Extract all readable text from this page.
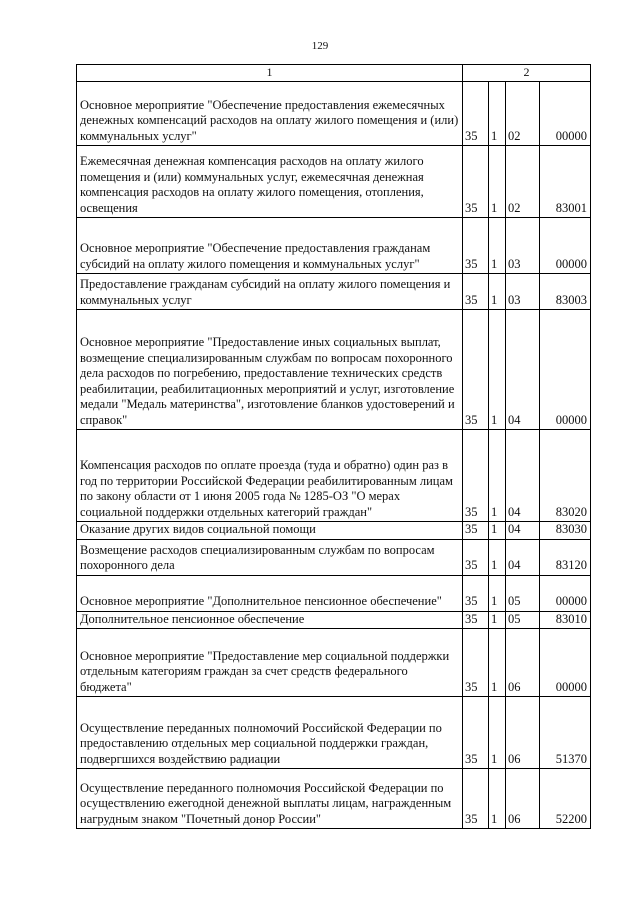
129
1	2			
Основное мероприятие "Обеспечение предоставления ежемесячных денежных компенсаций расходов на оплату жилого помещения и (или) коммунальных услуг"	35	1	02	00000
Ежемесячная денежная компенсация расходов на оплату жилого помещения и (или) коммунальных услуг, ежемесячная денежная компенсация расходов на оплату жилого помещения, отопления, освещения	35	1	02	83001
Основное мероприятие "Обеспечение предоставления гражданам субсидий на оплату жилого помещения и коммунальных услуг"	35	1	03	00000
Предоставление гражданам субсидий на оплату жилого помещения и коммунальных услуг	35	1	03	83003
Основное мероприятие "Предоставление иных социальных выплат, возмещение специализированным службам по вопросам похоронного дела расходов по погребению, предоставление технических средств реабилитации, реабилитационных мероприятий и услуг, изготовление медали "Медаль материнства", изготовление бланков удостоверений и справок"	35	1	04	00000
Компенсация расходов по оплате проезда (туда и обратно) один раз в год по территории Российской Федерации реабилитированным лицам по закону области от 1 июня 2005 года № 1285-ОЗ "О мерах социальной поддержки отдельных категорий граждан"	35	1	04	83020
Оказание других видов социальной помощи	35	1	04	83030
Возмещение расходов специализированным службам по вопросам похоронного дела	35	1	04	83120
Основное мероприятие "Дополнительное пенсионное обеспечение"	35	1	05	00000
Дополнительное пенсионное обеспечение	35	1	05	83010
Основное мероприятие "Предоставление мер социальной поддержки отдельным категориям граждан за счет средств федерального бюджета"	35	1	06	00000
Осуществление переданных полномочий Российской Федерации по предоставлению отдельных мер социальной поддержки граждан, подвергшихся воздействию радиации	35	1	06	51370
Осуществление переданного полномочия Российской Федерации по осуществлению ежегодной денежной выплаты лицам, награжденным нагрудным знаком "Почетный донор России"	35	1	06	52200
